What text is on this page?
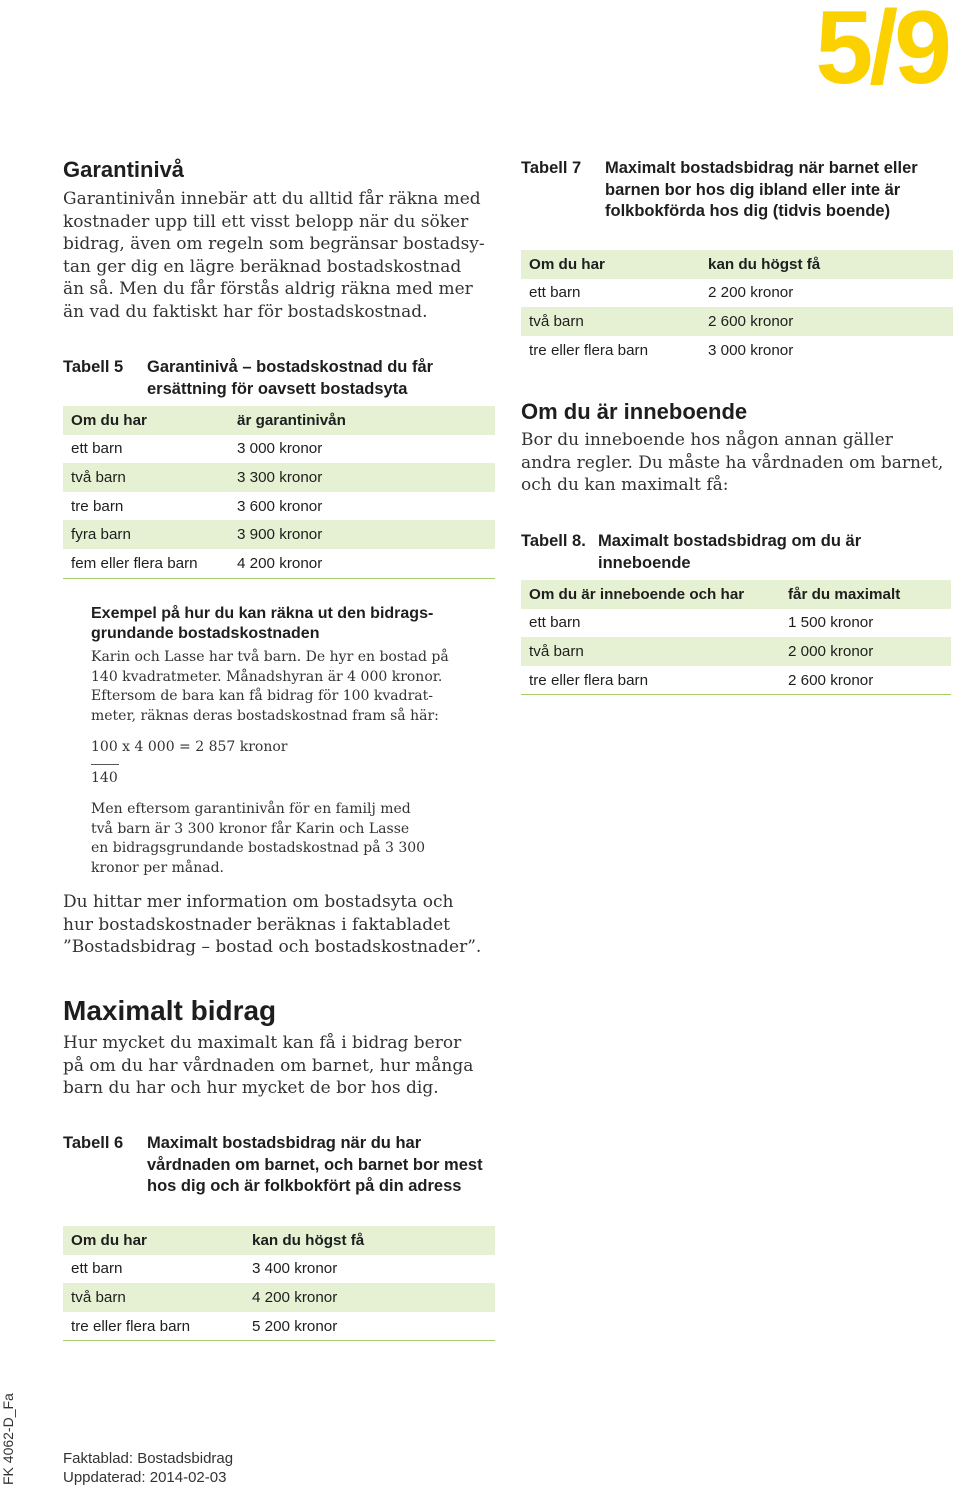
5/9
Garantinivå

Garantinivån innebär att du alltid får räkna med

kostnader upp till ett visst belopp när du söker

bidrag, även om regeln som begränsar bostadsy-

tan ger dig en lägre beräknad bostadskostnad

än så. Men du får förstås aldrig räkna med mer

än vad du faktiskt har för bostadskostnad.

Tabell 5 Garantinivå – bostadskostnad du får ersättning för oavsett bostadsyta
Om du har	är garantinivån
ett barn	3 000 kronor
två barn	3 300 kronor
tre barn	3 600 kronor
fyra barn	3 900 kronor
fem eller flera barn	4 200 kronor
Exempel på hur du kan räkna ut den bidragsgrundande bostadskostnaden

Karin och Lasse har två barn. De hyr en bostad på

140 kvadratmeter. Månadshyran är 4 000 kronor.

Eftersom de bara kan få bidrag för 100 kvadrat-

meter, räknas deras bostadskostnad fram så här:

100 x 4 000 = 2 857 kronor

140

Men eftersom garantinivån för en familj med

två barn är 3 300 kronor får Karin och Lasse

en bidragsgrundande bostadskostnad på 3 300

kronor per månad.

Du hittar mer information om bostadsyta och

hur bostadskostnader beräknas i faktabladet

”Bostadsbidrag – bostad och bostadskostnader”.

Maximalt bidrag

Hur mycket du maximalt kan få i bidrag beror

på om du har vårdnaden om barnet, hur många

barn du har och hur mycket de bor hos dig.

Tabell 6 Maximalt bostadsbidrag när du har vårdnaden om barnet, och barnet bor mest hos dig och är folkbokfört på din adress
Om du har	kan du högst få
ett barn	3 400 kronor
två barn	4 200 kronor
tre eller flera barn	5 200 kronor
Tabell 7 Maximalt bostadsbidrag när barnet eller barnen bor hos dig ibland eller inte är folkbokförda hos dig (tidvis boende)
Om du har	kan du högst få
ett barn	2 200 kronor
två barn	2 600 kronor
tre eller flera barn	3 000 kronor
Om du är inneboende

Bor du inneboende hos någon annan gäller

andra regler. Du måste ha vårdnaden om barnet,

och du kan maximalt få:

Tabell 8. Maximalt bostadsbidrag om du är inneboende
Om du är inneboende och har	får du maximalt
ett barn	1 500 kronor
två barn	2 000 kronor
tre eller flera barn	2 600 kronor
FK 4062-D_Fa	Faktablad: Bostadsbidrag
Uppdaterad: 2014-02-03
